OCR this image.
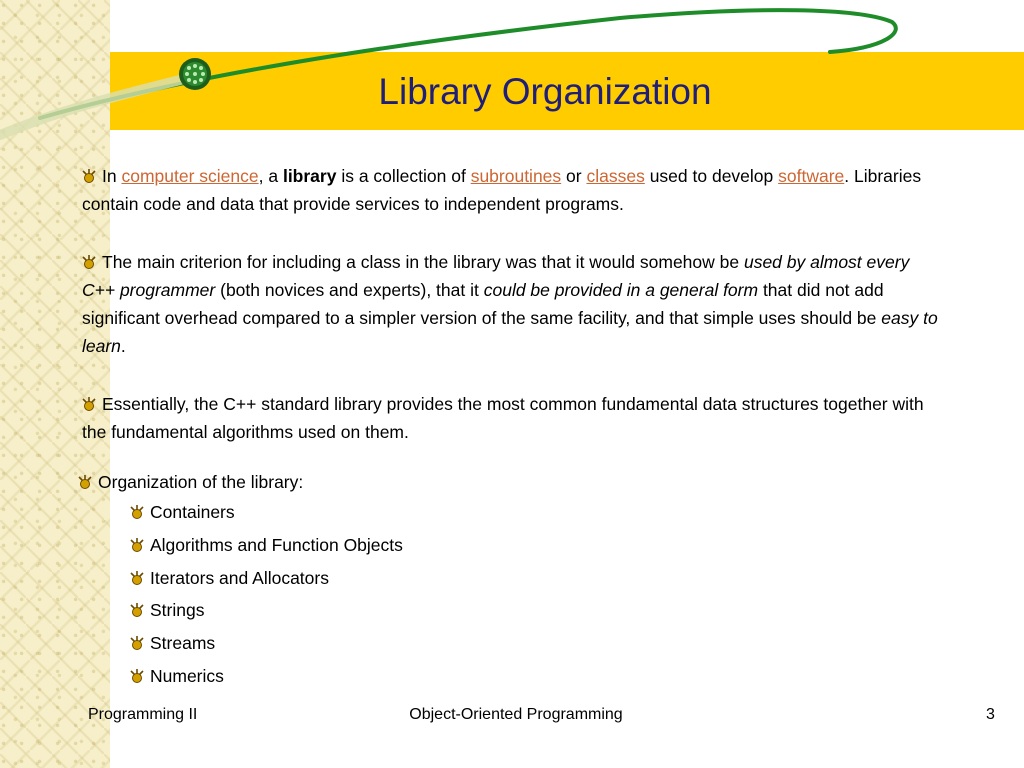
Library Organization

In computer science, a library is a collection of subroutines or classes used to develop software. Libraries contain code and data that provide services to independent programs.

The main criterion for including a class in the library was that it would somehow be used by almost every C++ programmer (both novices and experts), that it could be provided in a general form that did not add significant overhead compared to a simpler version of the same facility, and that simple uses should be easy to learn.

Essentially, the C++ standard library provides the most common fundamental data structures together with the fundamental algorithms used on them.

Organization of the library:

Containers
Algorithms and Function Objects
Iterators and Allocators
Strings
Streams
Numerics
Programming II	Object-Oriented Programming	3
